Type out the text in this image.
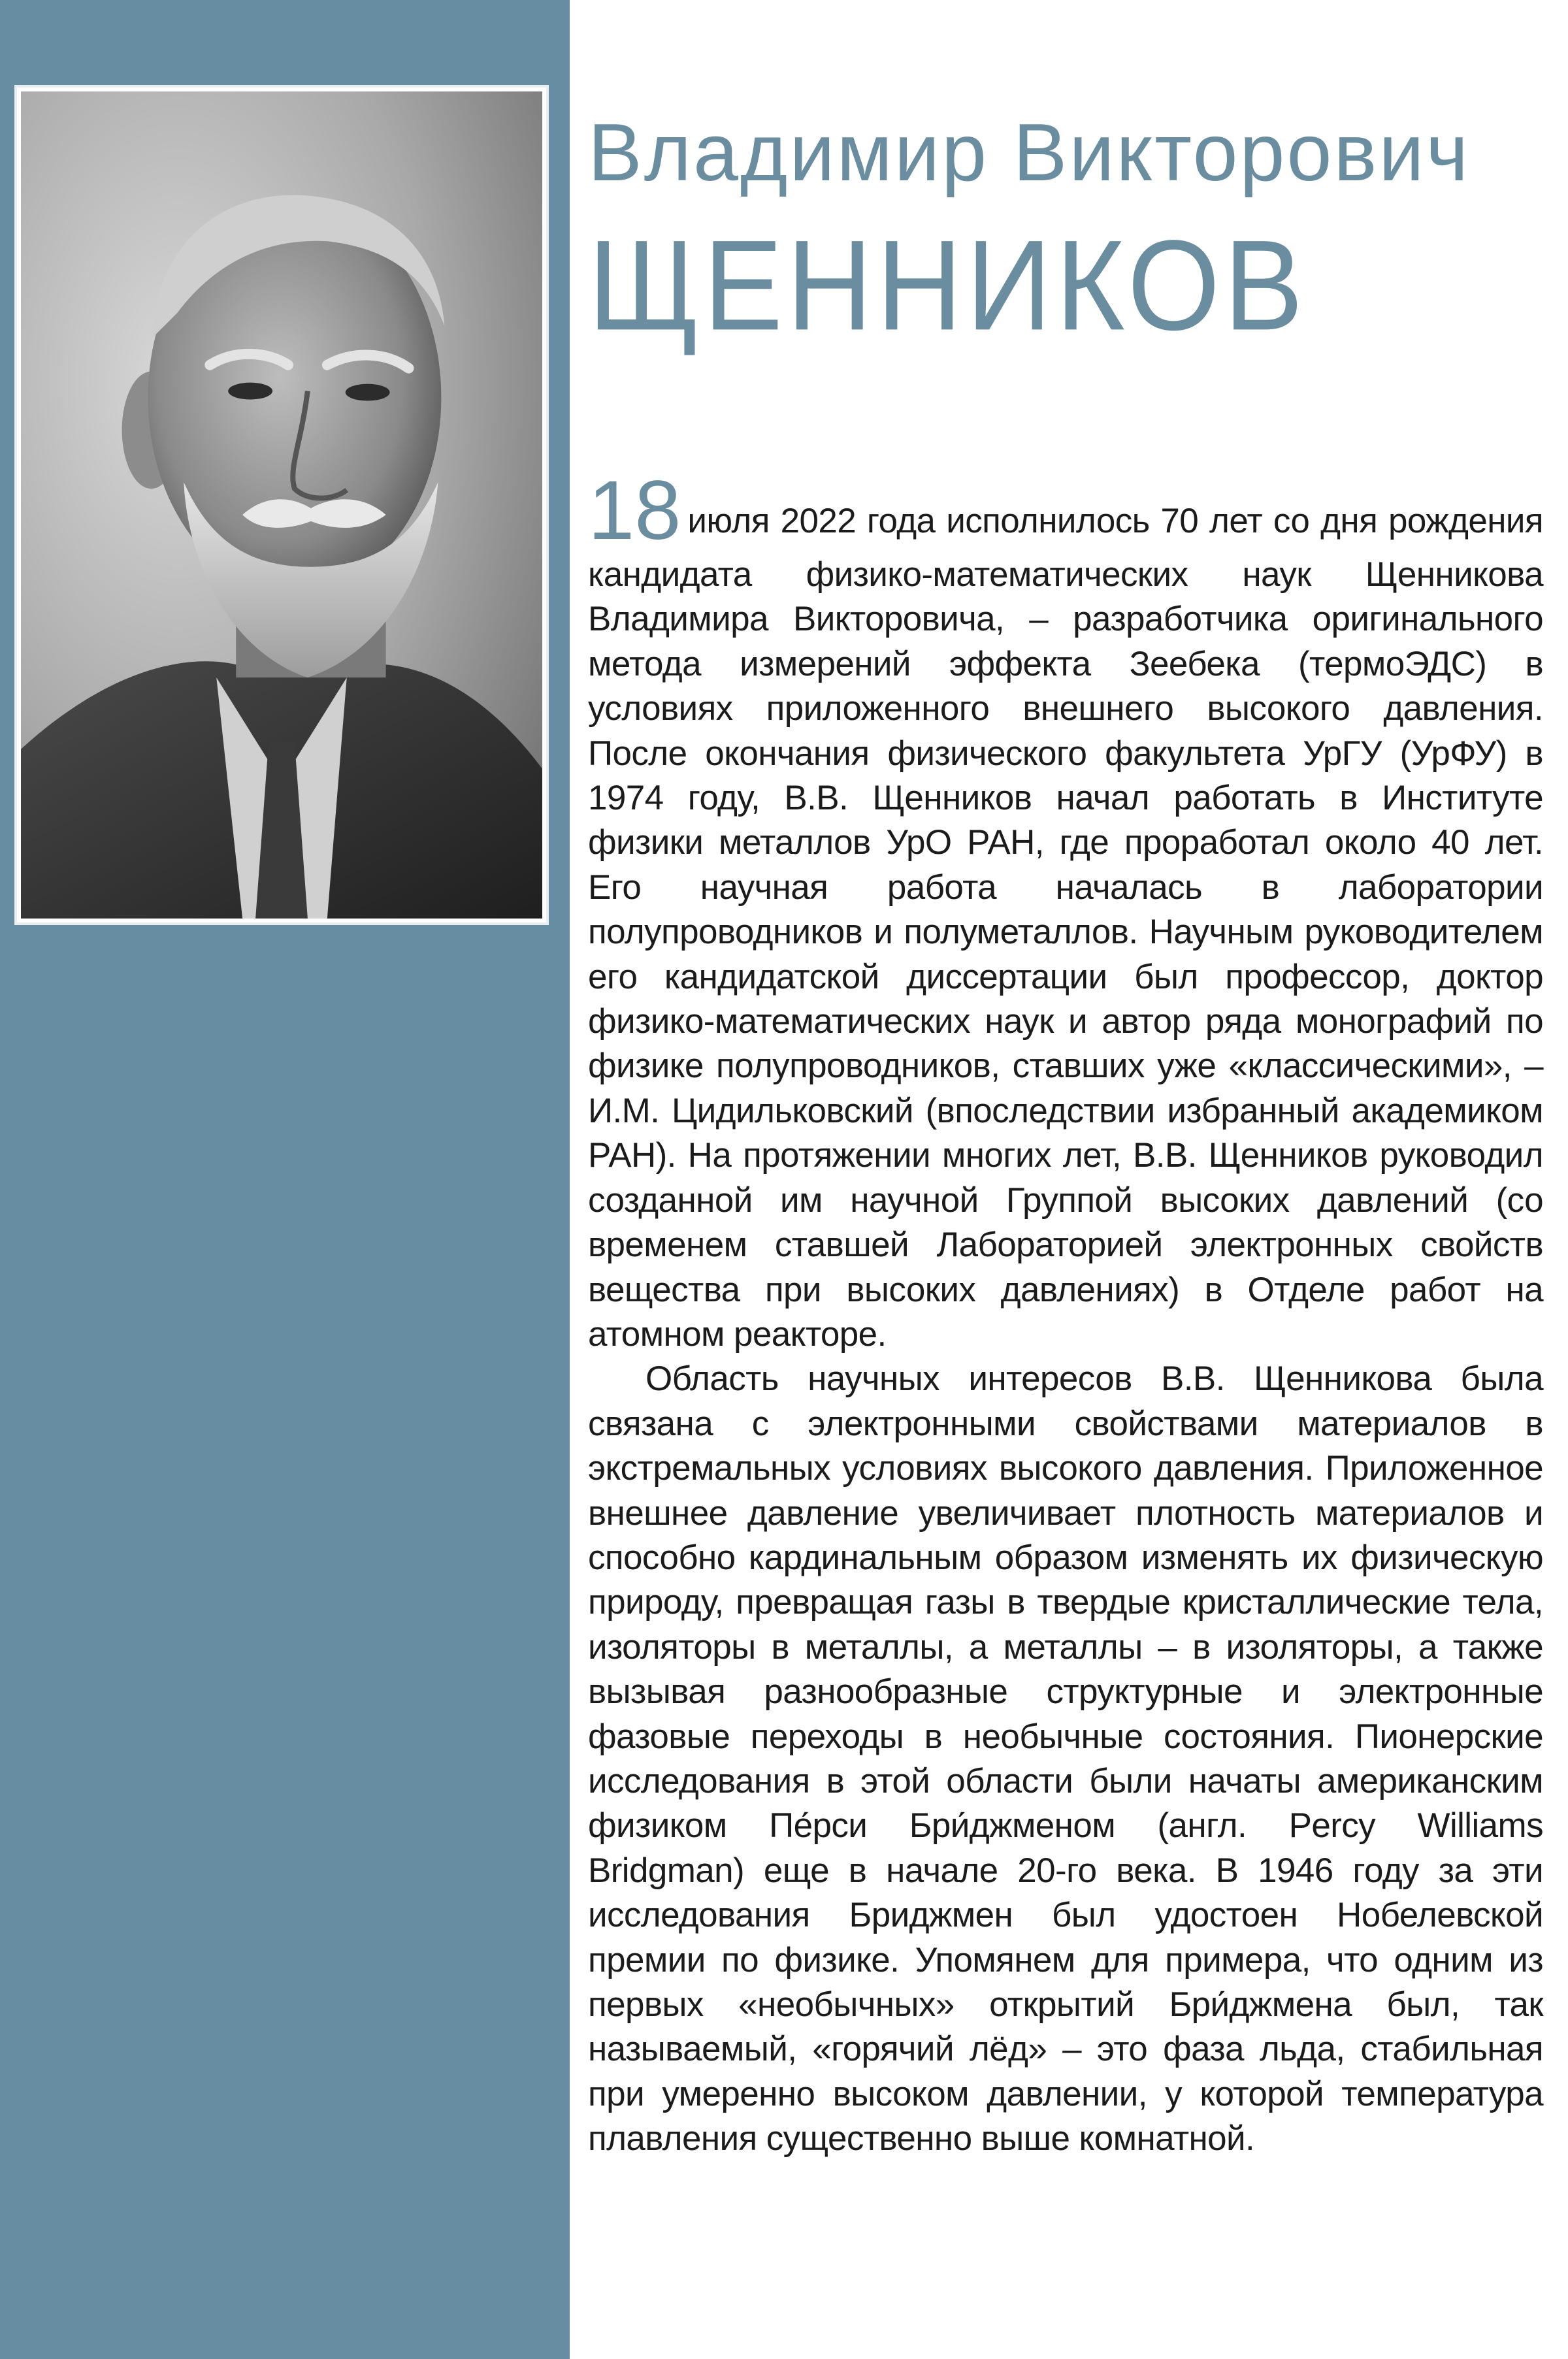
Владимир Викторович
ЩЕННИКОВ

18 июля 2022 года исполнилось 70 лет со дня рождения кандидата физико-математических наук Щенникова Владимира Викторовича, – разработчика оригинального метода измерений эффекта Зеебека (термоЭДС) в условиях приложенного внешнего высокого давления. После окончания физического факультета УрГУ (УрФУ) в 1974 году, В.В. Щенников начал работать в Институте физики металлов УрО РАН, где проработал около 40 лет. Его научная работа началась в лаборатории полупроводников и полуметаллов. Научным руководителем его кандидатской диссертации был профессор, доктор физико-математических наук и автор ряда монографий по физике полупроводников, ставших уже «классическими», – И.М. Цидильковский (впоследствии избранный академиком РАН). На протяжении многих лет, В.В. Щенников руководил созданной им научной Группой высоких давлений (со временем ставшей Лабораторией электронных свойств вещества при высоких давлениях) в Отделе работ на атомном реакторе.

Область научных интересов В.В. Щенникова была связана с электронными свойствами материалов в экстремальных условиях высокого давления. Приложенное внешнее давление увеличивает плотность материалов и способно кардинальным образом изменять их физическую природу, превращая газы в твердые кристаллические тела, изоляторы в металлы, а металлы – в изоляторы, а также вызывая разнообразные структурные и электронные фазовые переходы в необычные состояния. Пионерские исследования в этой области были начаты американским физиком Пе́рси Бри́джменом (англ. Percy Williams Bridgman) еще в начале 20-го века. В 1946 году за эти исследования Бриджмен был удостоен Нобелевской премии по физике. Упомянем для примера, что одним из первых «необычных» открытий Бри́джмена был, так называемый, «горячий лёд» – это фаза льда, стабильная при умеренно высоком давлении, у которой температура плавления существенно выше комнатной.
